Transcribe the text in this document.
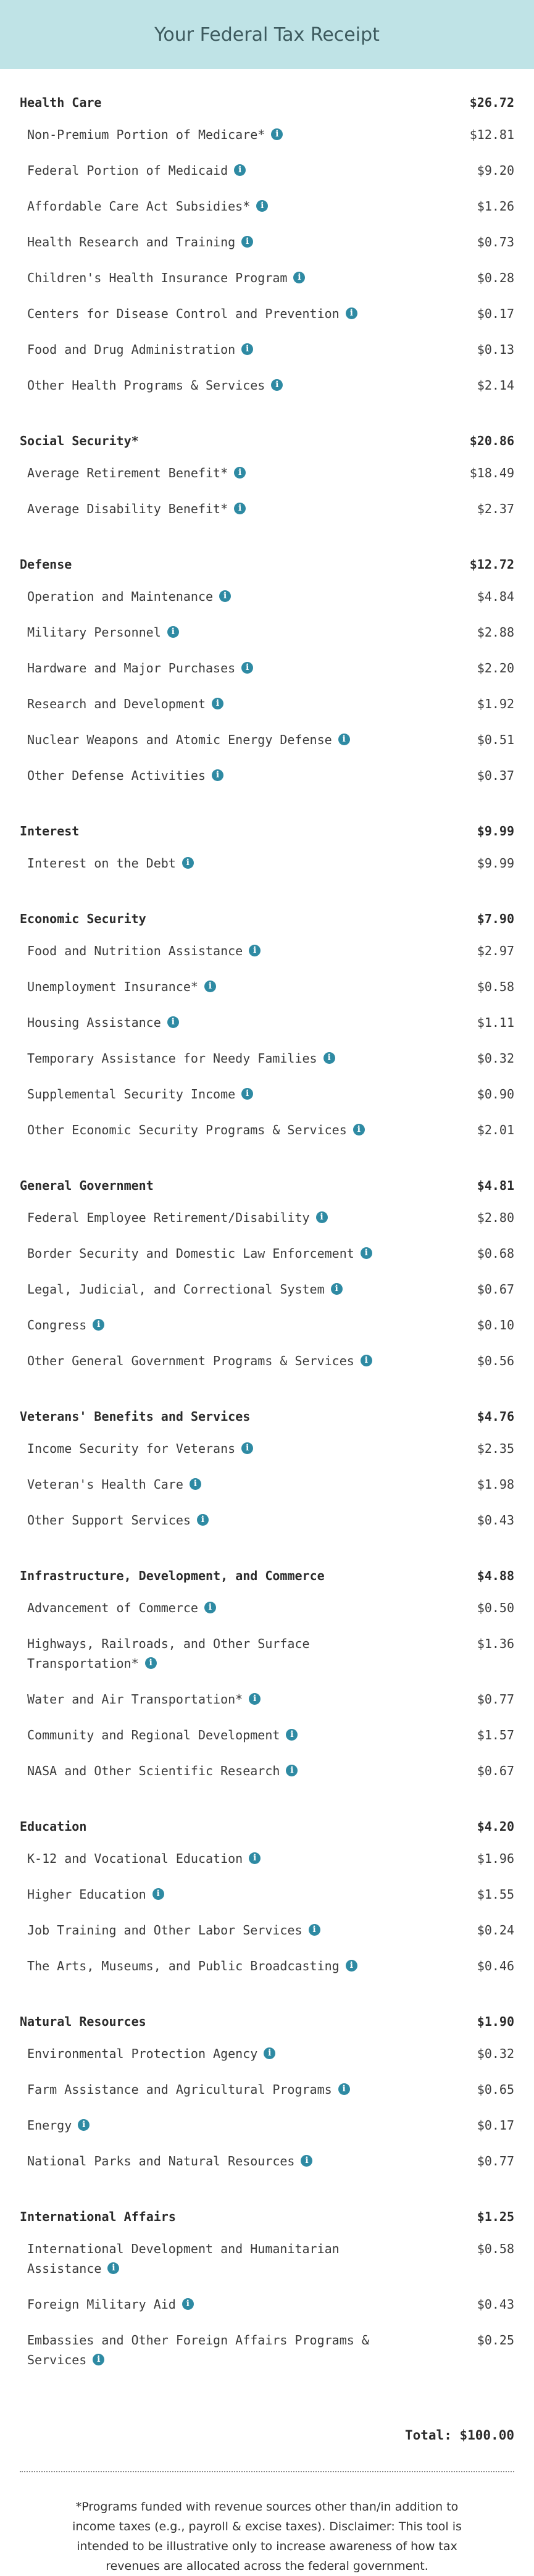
Your Federal Tax Receipt
Health Care	$26.72
Non-Premium Portion of Medicare* i	$12.81
Federal Portion of Medicaid i	$9.20
Affordable Care Act Subsidies* i	$1.26
Health Research and Training i	$0.73
Children's Health Insurance Program i	$0.28
Centers for Disease Control and Prevention i	$0.17
Food and Drug Administration i	$0.13
Other Health Programs & Services i	$2.14
Social Security*	$20.86
Average Retirement Benefit* i	$18.49
Average Disability Benefit* i	$2.37
Defense	$12.72
Operation and Maintenance i	$4.84
Military Personnel i	$2.88
Hardware and Major Purchases i	$2.20
Research and Development i	$1.92
Nuclear Weapons and Atomic Energy Defense i	$0.51
Other Defense Activities i	$0.37
Interest	$9.99
Interest on the Debt i	$9.99
Economic Security	$7.90
Food and Nutrition Assistance i	$2.97
Unemployment Insurance* i	$0.58
Housing Assistance i	$1.11
Temporary Assistance for Needy Families i	$0.32
Supplemental Security Income i	$0.90
Other Economic Security Programs & Services i	$2.01
General Government	$4.81
Federal Employee Retirement/Disability i	$2.80
Border Security and Domestic Law Enforcement i	$0.68
Legal, Judicial, and Correctional System i	$0.67
Congress i	$0.10
Other General Government Programs & Services i	$0.56
Veterans' Benefits and Services	$4.76
Income Security for Veterans i	$2.35
Veteran's Health Care i	$1.98
Other Support Services i	$0.43
Infrastructure, Development, and Commerce	$4.88
Advancement of Commerce i	$0.50
Highways, Railroads, and Other Surface Transportation* i
$1.36
Water and Air Transportation* i	$0.77
Community and Regional Development i	$1.57
NASA and Other Scientific Research i	$0.67
Education	$4.20
K-12 and Vocational Education i	$1.96
Higher Education i	$1.55
Job Training and Other Labor Services i	$0.24
The Arts, Museums, and Public Broadcasting i	$0.46
Natural Resources	$1.90
Environmental Protection Agency i	$0.32
Farm Assistance and Agricultural Programs i	$0.65
Energy i	$0.17
National Parks and Natural Resources i	$0.77
International Affairs	$1.25
International Development and Humanitarian Assistance i
$0.58
Foreign Military Aid i	$0.43
Embassies and Other Foreign Affairs Programs & Services i
$0.25
Total: $100.00
*Programs funded with revenue sources other than/in addition to income taxes (e.g., payroll & excise taxes). Disclaimer: This tool is intended to be illustrative only to increase awareness of how tax revenues are allocated across the federal government.
